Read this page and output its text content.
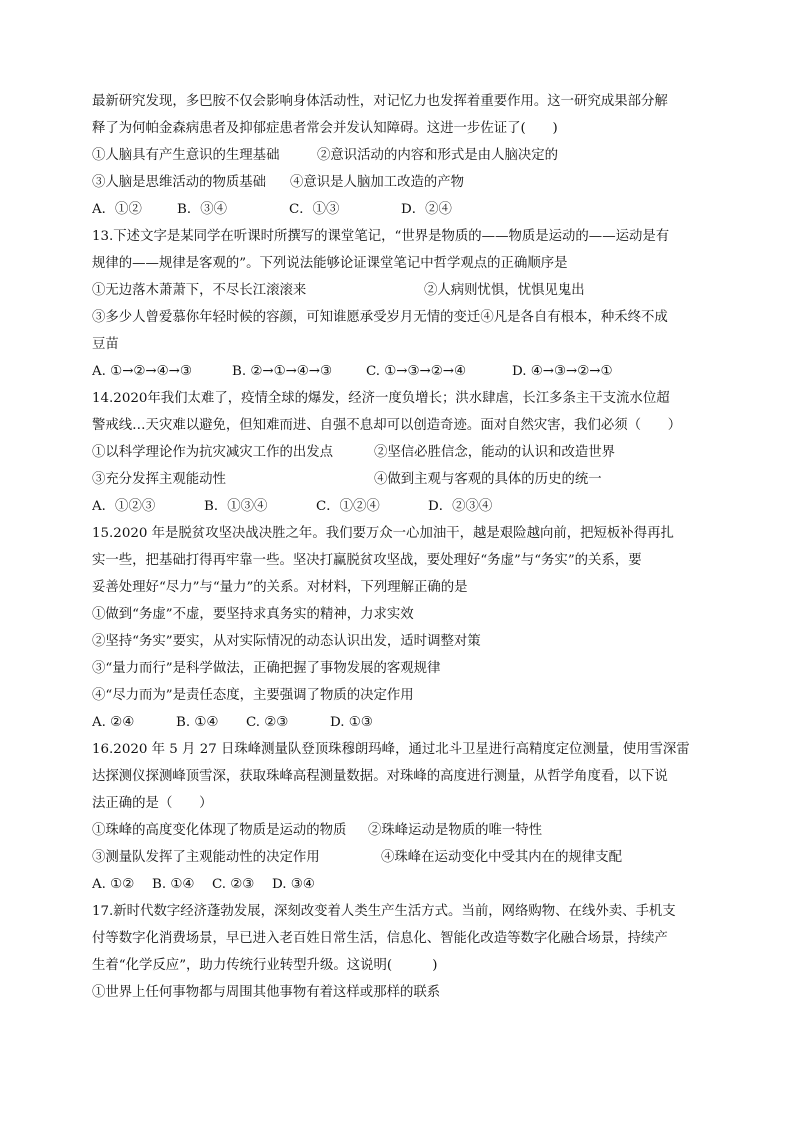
最新研究发现，多巴胺不仅会影响身体活动性，对记忆力也发挥着重要作用。这一研究成果部分解
释了为何帕金森病患者及抑郁症患者常会并发认知障碍。这进一步佐证了(　　)
①人脑具有产生意识的生理基础	②意识活动的内容和形式是由人脑决定的
③人脑是思维活动的物质基础	④意识是人脑加工改造的产物
A．①②	B．③④	C．①③	D．②④
13.下述文字是某同学在听课时所撰写的课堂笔记，“世界是物质的——物质是运动的——运动是有
规律的——规律是客观的”。下列说法能够论证课堂笔记中哲学观点的正确顺序是
①无边落木萧萧下，不尽长江滚滚来	②人病则忧惧，忧惧见鬼出
③多少人曾爱慕你年轻时候的容颜，可知谁愿承受岁月无情的变迁④凡是各自有根本，种禾终不成
豆苗
A. ①→②→④→③	B. ②→①→④→③	C. ①→③→②→④	D. ④→③→②→①
14.2020年我们太难了，疫情全球的爆发，经济一度负增长；洪水肆虐，长江多条主干支流水位超
警戒线…天灾难以避免，但知难而进、自强不息却可以创造奇迹。面对自然灾害，我们必须（　　）
①以科学理论作为抗灾减灾工作的出发点	②坚信必胜信念，能动的认识和改造世界
③充分发挥主观能动性	④做到主观与客观的具体的历史的统一
A．①②③	B．①③④	C．①②④	D．②③④
15.2020 年是脱贫攻坚决战决胜之年。我们要万众一心加油干，越是艰险越向前，把短板补得再扎
实一些，把基础打得再牢靠一些。坚决打赢脱贫攻坚战，要处理好“务虚”与“务实”的关系，要
妥善处理好“尽力”与“量力”的关系。对材料，下列理解正确的是
①做到“务虚”不虚，要坚持求真务实的精神，力求实效
②坚持“务实”要实，从对实际情况的动态认识出发，适时调整对策
③“量力而行”是科学做法，正确把握了事物发展的客观规律
④“尽力而为”是责任态度，主要强调了物质的决定作用
A. ②④	B. ①④	C. ②③	D. ①③
16.2020 年 5 月 27 日珠峰测量队登顶珠穆朗玛峰，通过北斗卫星进行高精度定位测量，使用雪深雷
达探测仪探测峰顶雪深，获取珠峰高程测量数据。对珠峰的高度进行测量，从哲学角度看，以下说
法正确的是（　　）
①珠峰的高度变化体现了物质是运动的物质	②珠峰运动是物质的唯一特性
③测量队发挥了主观能动性的决定作用	④珠峰在运动变化中受其内在的规律支配
A. ①②	B. ①④	C. ②③	D. ③④
17.新时代数字经济蓬勃发展，深刻改变着人类生产生活方式。当前，网络购物、在线外卖、手机支
付等数字化消费场景，早已进入老百姓日常生活，信息化、智能化改造等数字化融合场景，持续产
生着“化学反应”，助力传统行业转型升级。这说明(　　　)
①世界上任何事物都与周围其他事物有着这样或那样的联系
